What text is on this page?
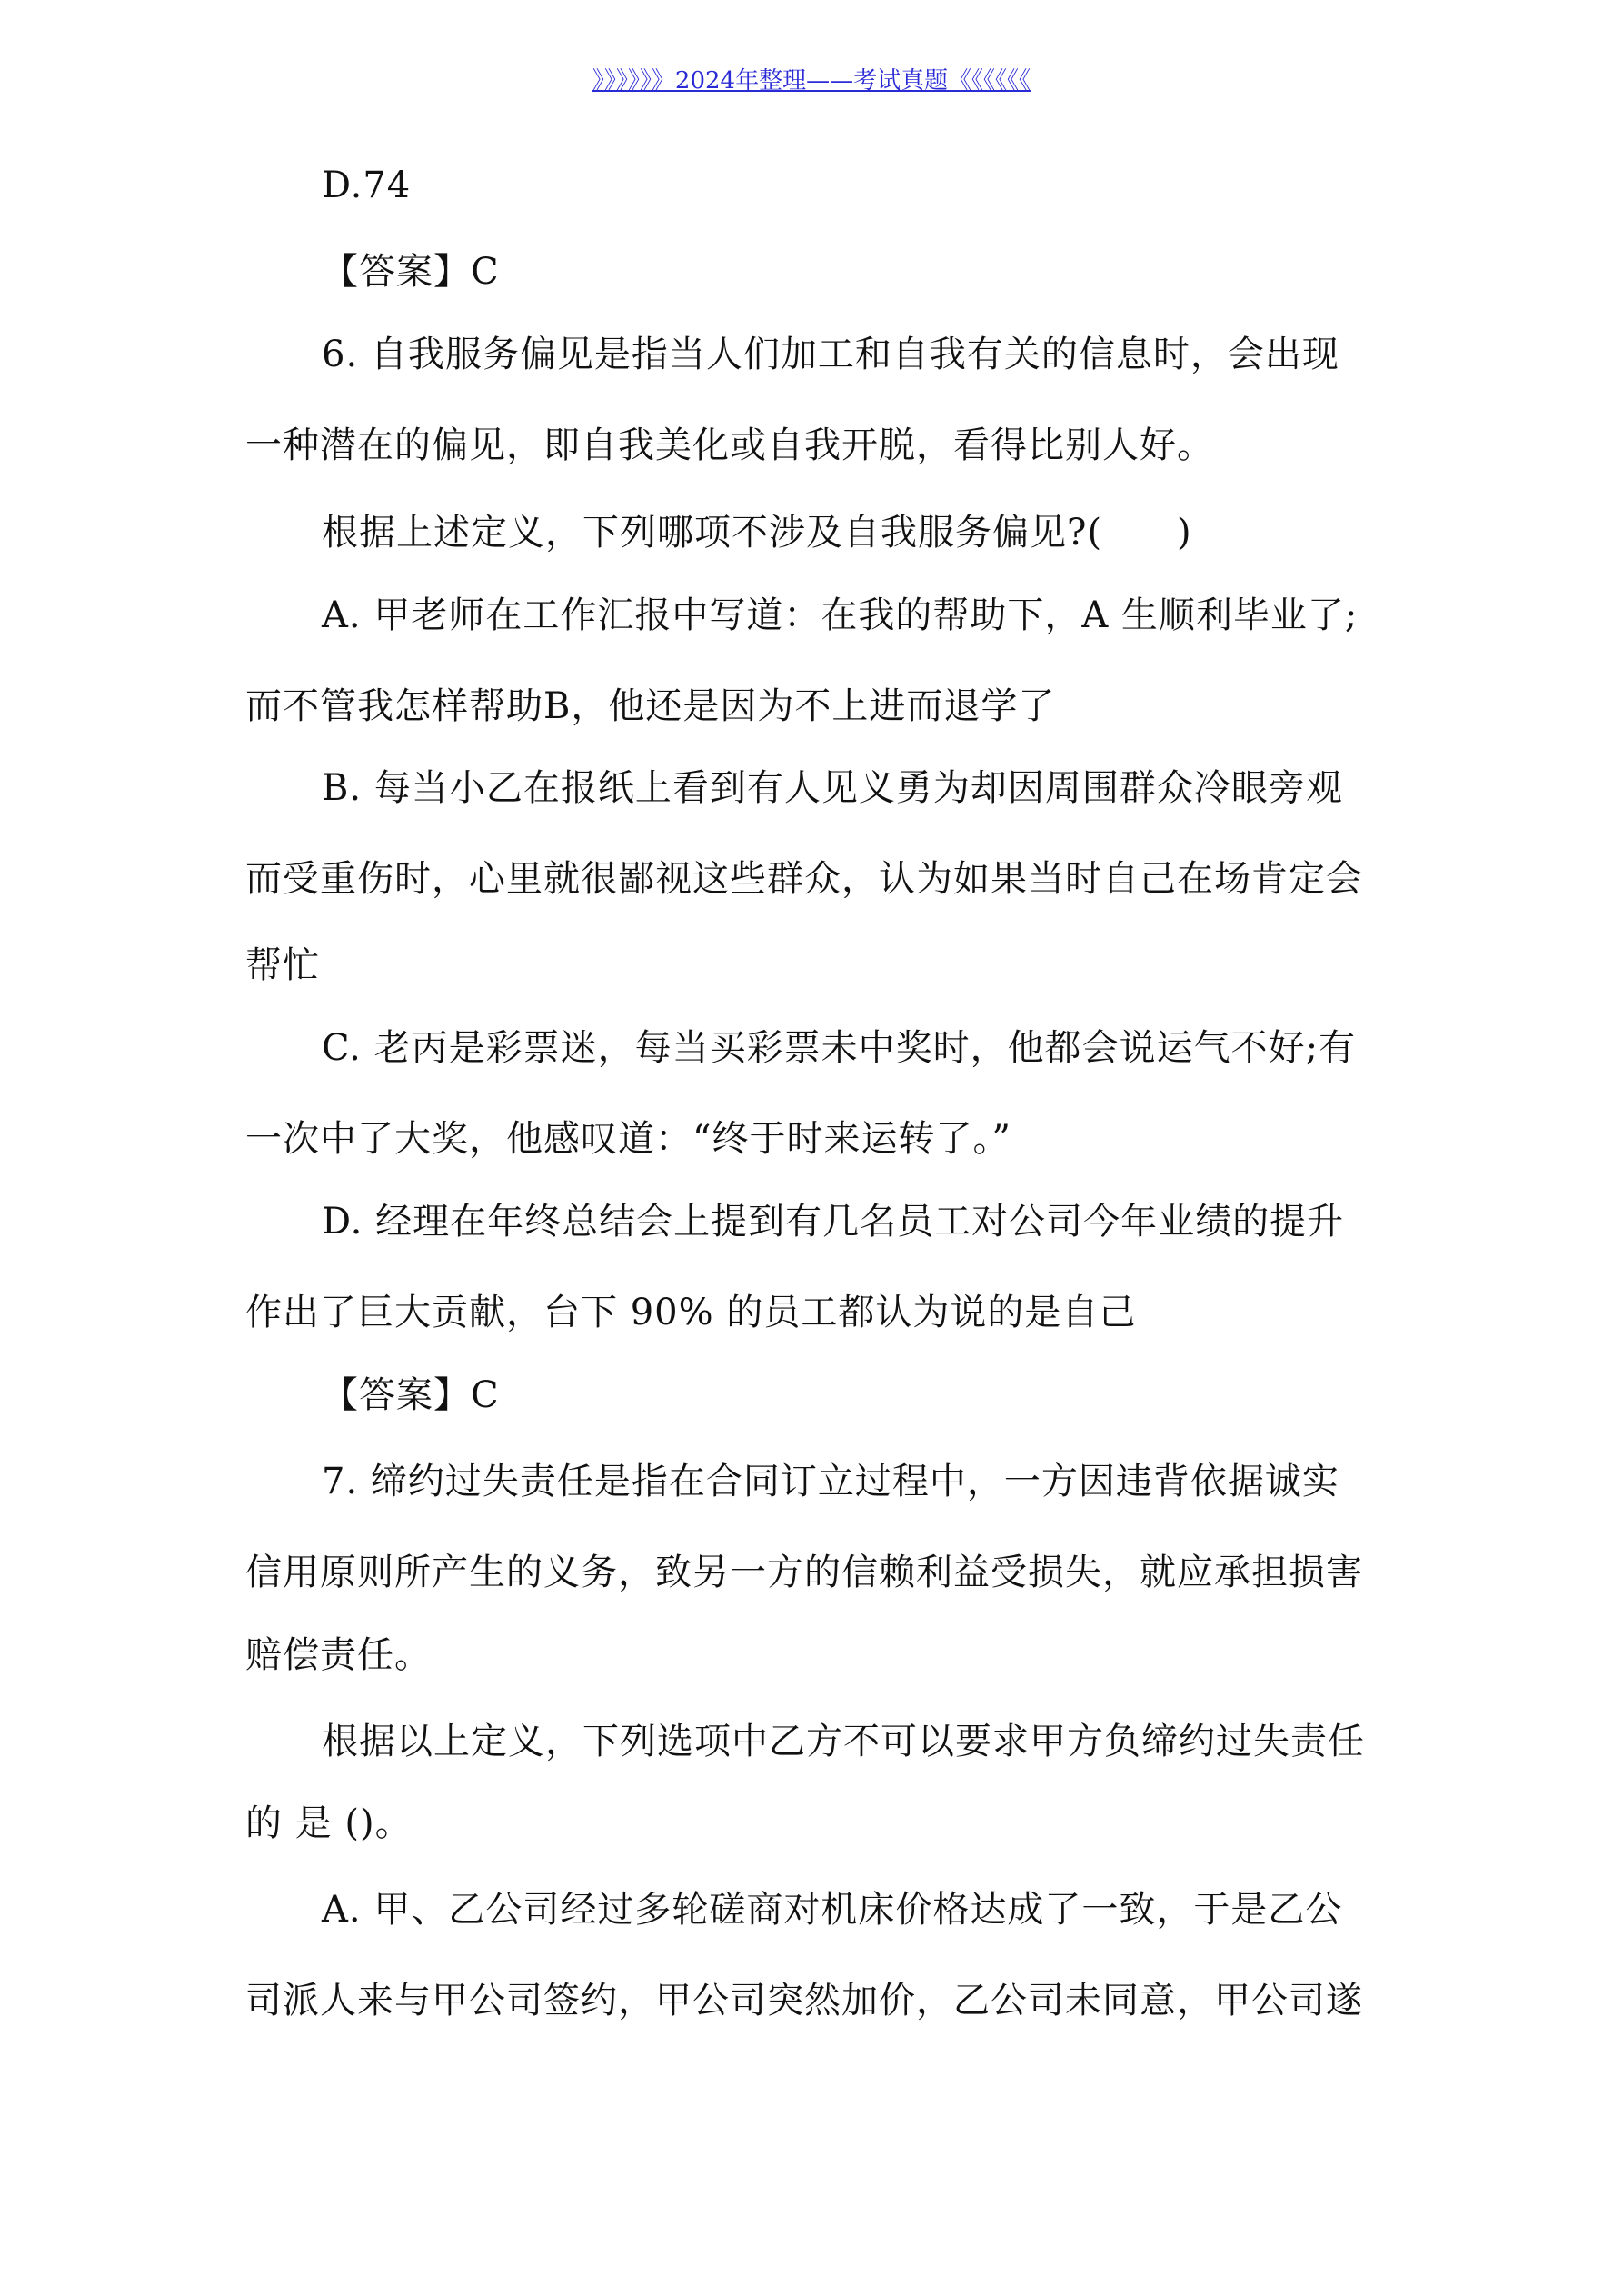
》》》》》》2024年整理——考试真题《《《《《《
D.74
【答案】C
6. 自我服务偏见是指当人们加工和自我有关的信息时，会出现
一种潜在的偏见，即自我美化或自我开脱，看得比别人好。
根据上述定义，下列哪项不涉及自我服务偏见?(　　)
A. 甲老师在工作汇报中写道：在我的帮助下，A 生顺利毕业了;
而不管我怎样帮助B，他还是因为不上进而退学了
B. 每当小乙在报纸上看到有人见义勇为却因周围群众冷眼旁观
而受重伤时，心里就很鄙视这些群众，认为如果当时自己在场肯定会
帮忙
C. 老丙是彩票迷，每当买彩票未中奖时，他都会说运气不好;有
一次中了大奖，他感叹道：“终于时来运转了。”
D. 经理在年终总结会上提到有几名员工对公司今年业绩的提升
作出了巨大贡献，台下 90% 的员工都认为说的是自己
【答案】C
7. 缔约过失责任是指在合同订立过程中，一方因违背依据诚实
信用原则所产生的义务，致另一方的信赖利益受损失，就应承担损害
赔偿责任。
根据以上定义，下列选项中乙方不可以要求甲方负缔约过失责任
的 是 ()。
A. 甲、乙公司经过多轮磋商对机床价格达成了一致，于是乙公
司派人来与甲公司签约，甲公司突然加价，乙公司未同意，甲公司遂
